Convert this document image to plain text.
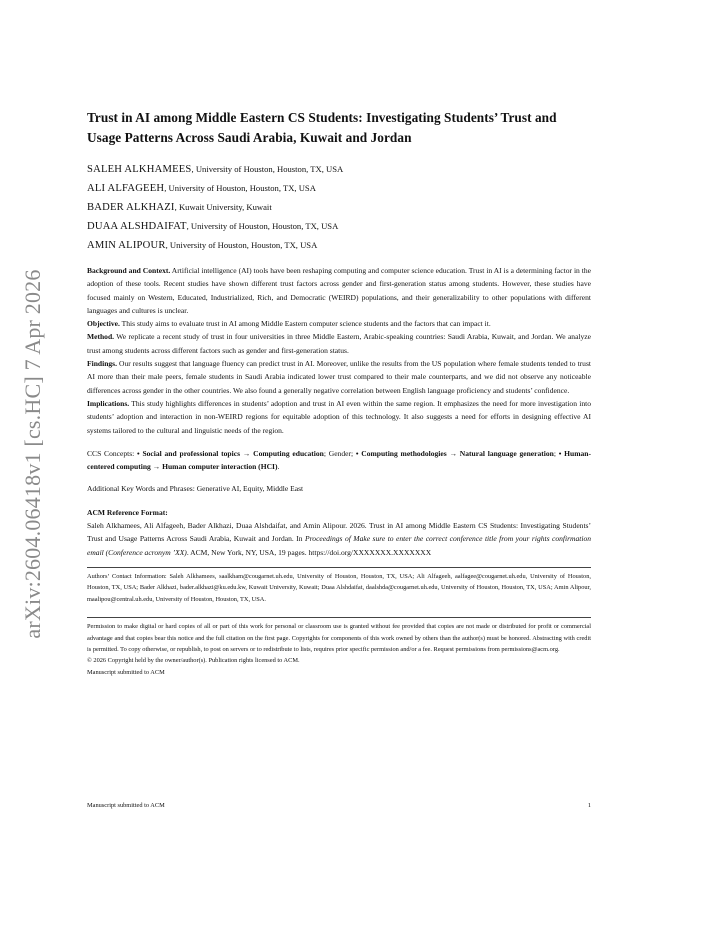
arXiv:2604.06418v1 [cs.HC] 7 Apr 2026
Trust in AI among Middle Eastern CS Students: Investigating Students’ Trust and Usage Patterns Across Saudi Arabia, Kuwait and Jordan
SALEH ALKHAMEES, University of Houston, Houston, TX, USA
ALI ALFAGEEH, University of Houston, Houston, TX, USA
BADER ALKHAZI, Kuwait University, Kuwait
DUAA ALSHDAIFAT, University of Houston, Houston, TX, USA
AMIN ALIPOUR, University of Houston, Houston, TX, USA

Background and Context. Artificial intelligence (AI) tools have been reshaping computing and computer science education. Trust in AI is a determining factor in the adoption of these tools. Recent studies have shown different trust factors across gender and first-generation status among students. However, these studies have focused mainly on Western, Educated, Industrialized, Rich, and Democratic (WEIRD) populations, and their generalizability to other populations with different languages and cultures is unclear.

Objective. This study aims to evaluate trust in AI among Middle Eastern computer science students and the factors that can impact it.

Method. We replicate a recent study of trust in four universities in three Middle Eastern, Arabic-speaking countries: Saudi Arabia, Kuwait, and Jordan. We analyze trust among students across different factors such as gender and first-generation status.

Findings. Our results suggest that language fluency can predict trust in AI. Moreover, unlike the results from the US population where female students tended to trust AI more than their male peers, female students in Saudi Arabia indicated lower trust compared to their male counterparts, and we did not observe any noticeable differences across gender in the other countries. We also found a generally negative correlation between English language proficiency and students’ confidence.

Implications. This study highlights differences in students’ adoption and trust in AI even within the same region. It emphasizes the need for more investigation into students’ adoption and interaction in non-WEIRD regions for equitable adoption of this technology. It also suggests a need for efforts in designing effective AI systems tailored to the cultural and linguistic needs of the region.

CCS Concepts: • Social and professional topics → Computing education; Gender; • Computing methodologies → Natural language generation; • Human-centered computing → Human computer interaction (HCI).
Additional Key Words and Phrases: Generative AI, Equity, Middle East
ACM Reference Format:
Saleh Alkhamees, Ali Alfageeh, Bader Alkhazi, Duaa Alshdaifat, and Amin Alipour. 2026. Trust in AI among Middle Eastern CS Students: Investigating Students’ Trust and Usage Patterns Across Saudi Arabia, Kuwait and Jordan. In Proceedings of Make sure to enter the correct conference title from your rights confirmation email (Conference acronym ’XX). ACM, New York, NY, USA, 19 pages. https://doi.org/XXXXXXX.XXXXXXX
Authors’ Contact Information: Saleh Alkhamees, saalkham@cougarnet.uh.edu, University of Houston, Houston, TX, USA; Ali Alfageeh, aalfagee@cougarnet.uh.edu, University of Houston, Houston, TX, USA; Bader Alkhazi, bader.alkhazi@ku.edu.kw, Kuwait University, Kuwait; Duaa Alshdaifat, daalshda@cougarnet.uh.edu, University of Houston, Houston, TX, USA; Amin Alipour, maalipou@central.uh.edu, University of Houston, Houston, TX, USA.
Permission to make digital or hard copies of all or part of this work for personal or classroom use is granted without fee provided that copies are not made or distributed for profit or commercial advantage and that copies bear this notice and the full citation on the first page. Copyrights for components of this work owned by others than the author(s) must be honored. Abstracting with credit is permitted. To copy otherwise, or republish, to post on servers or to redistribute to lists, requires prior specific permission and/or a fee. Request permissions from permissions@acm.org.
© 2026 Copyright held by the owner/author(s). Publication rights licensed to ACM.
Manuscript submitted to ACM
Manuscript submitted to ACM	1
